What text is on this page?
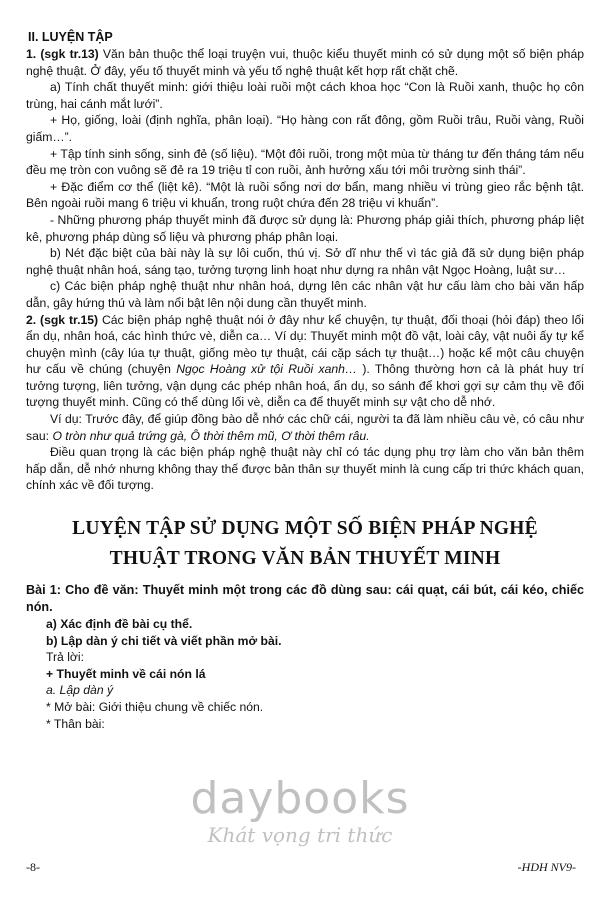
II. LUYỆN TẬP

1. (sgk tr.13) Văn bản thuộc thể loại truyện vui, thuộc kiểu thuyết minh có sử dụng một số biện pháp nghệ thuật. Ở đây, yếu tố thuyết minh và yếu tố nghệ thuật kết hợp rất chặt chẽ.

a) Tính chất thuyết minh: giới thiệu loài ruồi một cách khoa học “Con là Ruồi xanh, thuộc họ côn trùng, hai cánh mắt lưới”.

+ Họ, giống, loài (định nghĩa, phân loại). “Họ hàng con rất đông, gồm Ruồi trâu, Ruồi vàng, Ruồi giấm…”.

+ Tập tính sinh sống, sinh đẻ (số liệu). “Một đôi ruồi, trong một mùa từ tháng tư đến tháng tám nếu đều mẹ tròn con vuông sẽ đẻ ra 19 triệu tỉ con ruồi, ảnh hưởng xấu tới môi trường sinh thái”.

+ Đặc điểm cơ thể (liệt kê). “Một là ruồi sống nơi dơ bẩn, mang nhiều vi trùng gieo rắc bệnh tật. Bên ngoài ruồi mang 6 triệu vi khuẩn, trong ruột chứa đến 28 triệu vi khuẩn”.

- Những phương pháp thuyết minh đã được sử dụng là: Phương pháp giải thích, phương pháp liệt kê, phương pháp dùng số liệu và phương pháp phân loại.

b) Nét đặc biệt của bài này là sự lôi cuốn, thú vị. Sở dĩ như thế vì tác giả đã sử dụng biện pháp nghệ thuật nhân hoá, sáng tạo, tưởng tượng linh hoạt như dựng ra nhân vật Ngọc Hoàng, luật sư…

c) Các biện pháp nghệ thuật như nhân hoá, dựng lên các nhân vật hư cấu làm cho bài văn hấp dẫn, gây hứng thú và làm nổi bật lên nội dung cần thuyết minh.

2. (sgk tr.15) Các biện pháp nghệ thuật nói ở đây như kể chuyện, tự thuật, đối thoại (hỏi đáp) theo lối ẩn dụ, nhân hoá, các hình thức vè, diễn ca… Ví dụ: Thuyết minh một đồ vật, loài cây, vật nuôi ấy tự kể chuyện mình (cây lúa tự thuật, giống mèo tự thuật, cái cặp sách tự thuật…) hoặc kể một câu chuyện hư cấu về chúng (chuyện Ngọc Hoàng xử tội Ruồi xanh… ). Thông thường hơn cả là phát huy trí tưởng tượng, liên tưởng, vận dụng các phép nhân hoá, ẩn dụ, so sánh để khơi gợi sự cảm thụ về đối tượng thuyết minh. Cũng có thể dùng lối vè, diễn ca để thuyết minh sự vật cho dễ nhớ.

Ví dụ: Trước đây, để giúp đồng bào dễ nhớ các chữ cái, người ta đã làm nhiều câu vè, có câu như sau: O tròn như quả trứng gà, Ô thời thêm mũ, Ơ thời thêm râu.

Điều quan trọng là các biện pháp nghệ thuật này chỉ có tác dụng phụ trợ làm cho văn bản thêm hấp dẫn, dễ nhớ nhưng không thay thế được bản thân sự thuyết minh là cung cấp tri thức khách quan, chính xác về đối tượng.

LUYỆN TẬP SỬ DỤNG MỘT SỐ BIỆN PHÁP NGHỆ
THUẬT TRONG VĂN BẢN THUYẾT MINH

Bài 1: Cho đề văn: Thuyết minh một trong các đồ dùng sau: cái quạt, cái bút, cái kéo, chiếc nón.

a) Xác định đề bài cụ thể.

b) Lập dàn ý chi tiết và viết phần mở bài.

Trả lời:

+ Thuyết minh về cái nón lá

a. Lập dàn ý

* Mở bài: Giới thiệu chung về chiếc nón.

* Thân bài:

daybooks
Khát vọng tri thức
-8-	-HDH NV9-
